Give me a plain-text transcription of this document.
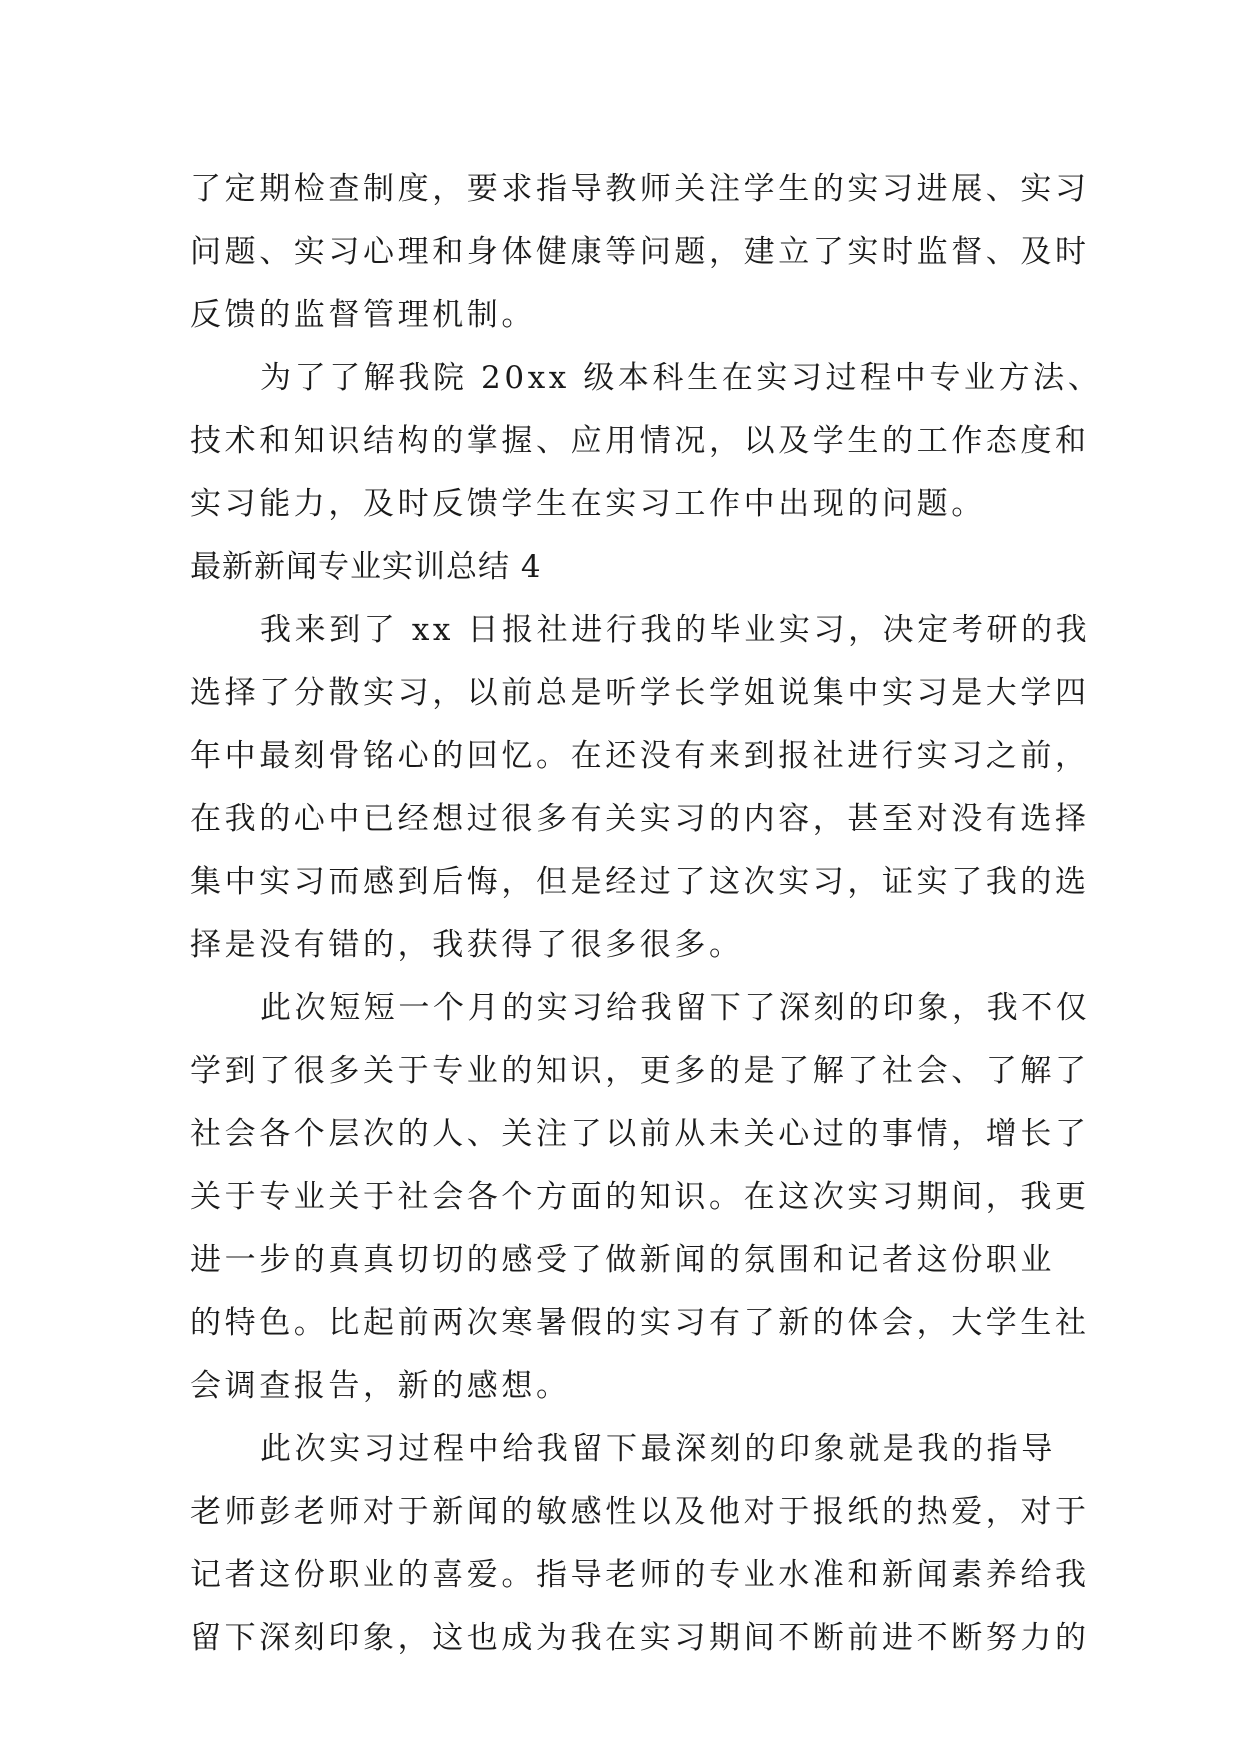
了定期检查制度，要求指导教师关注学生的实习进展、实习
问题、实习心理和身体健康等问题，建立了实时监督、及时
反馈的监督管理机制。
为了了解我院 20xx 级本科生在实习过程中专业方法、
技术和知识结构的掌握、应用情况，以及学生的工作态度和
实习能力，及时反馈学生在实习工作中出现的问题。
最新新闻专业实训总结 4
我来到了 xx 日报社进行我的毕业实习，决定考研的我
选择了分散实习，以前总是听学长学姐说集中实习是大学四
年中最刻骨铭心的回忆。在还没有来到报社进行实习之前，
在我的心中已经想过很多有关实习的内容，甚至对没有选择
集中实习而感到后悔，但是经过了这次实习，证实了我的选
择是没有错的，我获得了很多很多。
此次短短一个月的实习给我留下了深刻的印象，我不仅
学到了很多关于专业的知识，更多的是了解了社会、了解了
社会各个层次的人、关注了以前从未关心过的事情，增长了
关于专业关于社会各个方面的知识。在这次实习期间，我更
进一步的真真切切的感受了做新闻的氛围和记者这份职业
的特色。比起前两次寒暑假的实习有了新的体会，大学生社
会调查报告，新的感想。
此次实习过程中给我留下最深刻的印象就是我的指导
老师彭老师对于新闻的敏感性以及他对于报纸的热爱，对于
记者这份职业的喜爱。指导老师的专业水准和新闻素养给我
留下深刻印象，这也成为我在实习期间不断前进不断努力的
